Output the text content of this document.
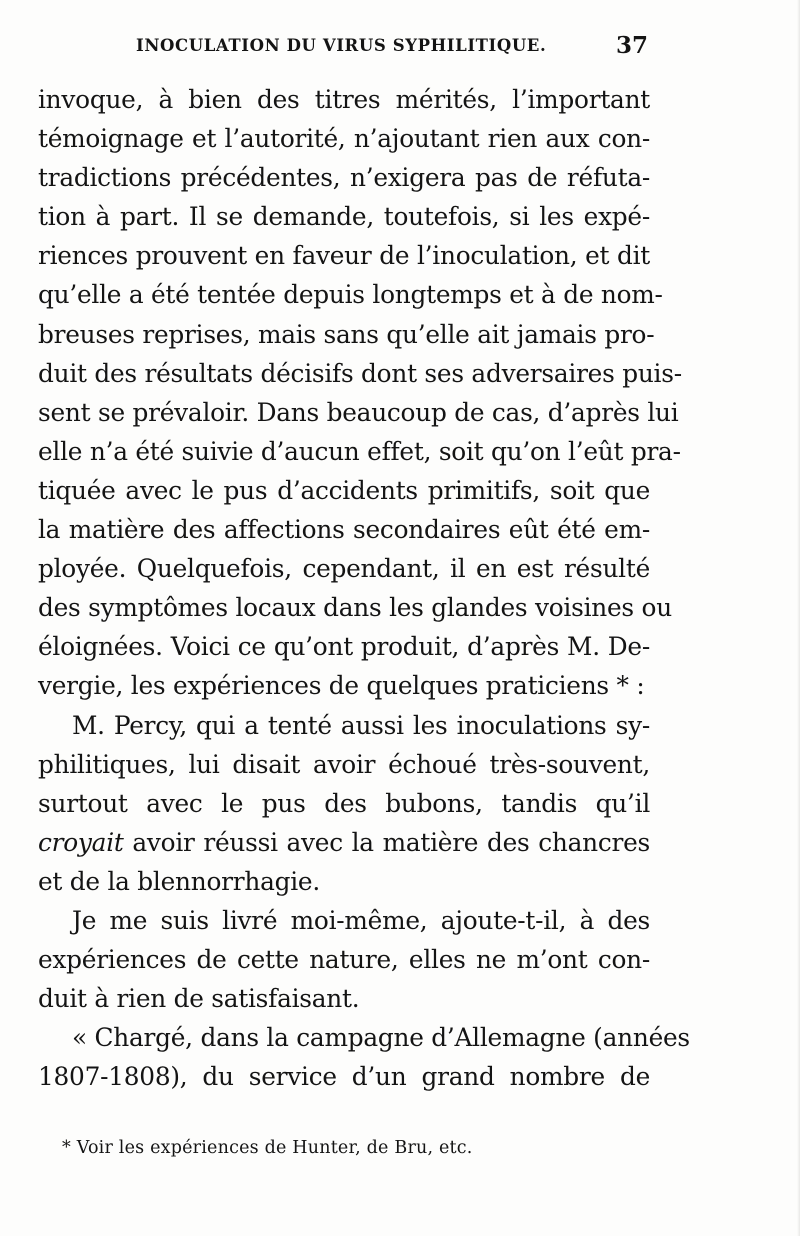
INOCULATION DU VIRUS SYPHILITIQUE.	37
invoque, à bien des titres mérités, l’important
témoignage et l’autorité, n’ajoutant rien aux con-
tradictions précédentes, n’exigera pas de réfuta-
tion à part. Il se demande, toutefois, si les expé-
riences prouvent en faveur de l’inoculation, et dit
qu’elle a été tentée depuis longtemps et à de nom-
breuses reprises, mais sans qu’elle ait jamais pro-
duit des résultats décisifs dont ses adversaires puis-
sent se prévaloir. Dans beaucoup de cas, d’après lui
elle n’a été suivie d’aucun effet, soit qu’on l’eût pra-
tiquée avec le pus d’accidents primitifs, soit que
la matière des affections secondaires eût été em-
ployée. Quelquefois, cependant, il en est résulté
des symptômes locaux dans les glandes voisines ou
éloignées. Voici ce qu’ont produit, d’après M. De-
vergie, les expériences de quelques praticiens * :
M. Percy, qui a tenté aussi les inoculations sy-
philitiques, lui disait avoir échoué très-souvent,
surtout avec le pus des bubons, tandis qu’il
croyait avoir réussi avec la matière des chancres
et de la blennorrhagie.
Je me suis livré moi-même, ajoute-t-il, à des
expériences de cette nature, elles ne m’ont con-
duit à rien de satisfaisant.
« Chargé, dans la campagne d’Allemagne (années
1807-1808), du service d’un grand nombre de
* Voir les expériences de Hunter, de Bru, etc.
